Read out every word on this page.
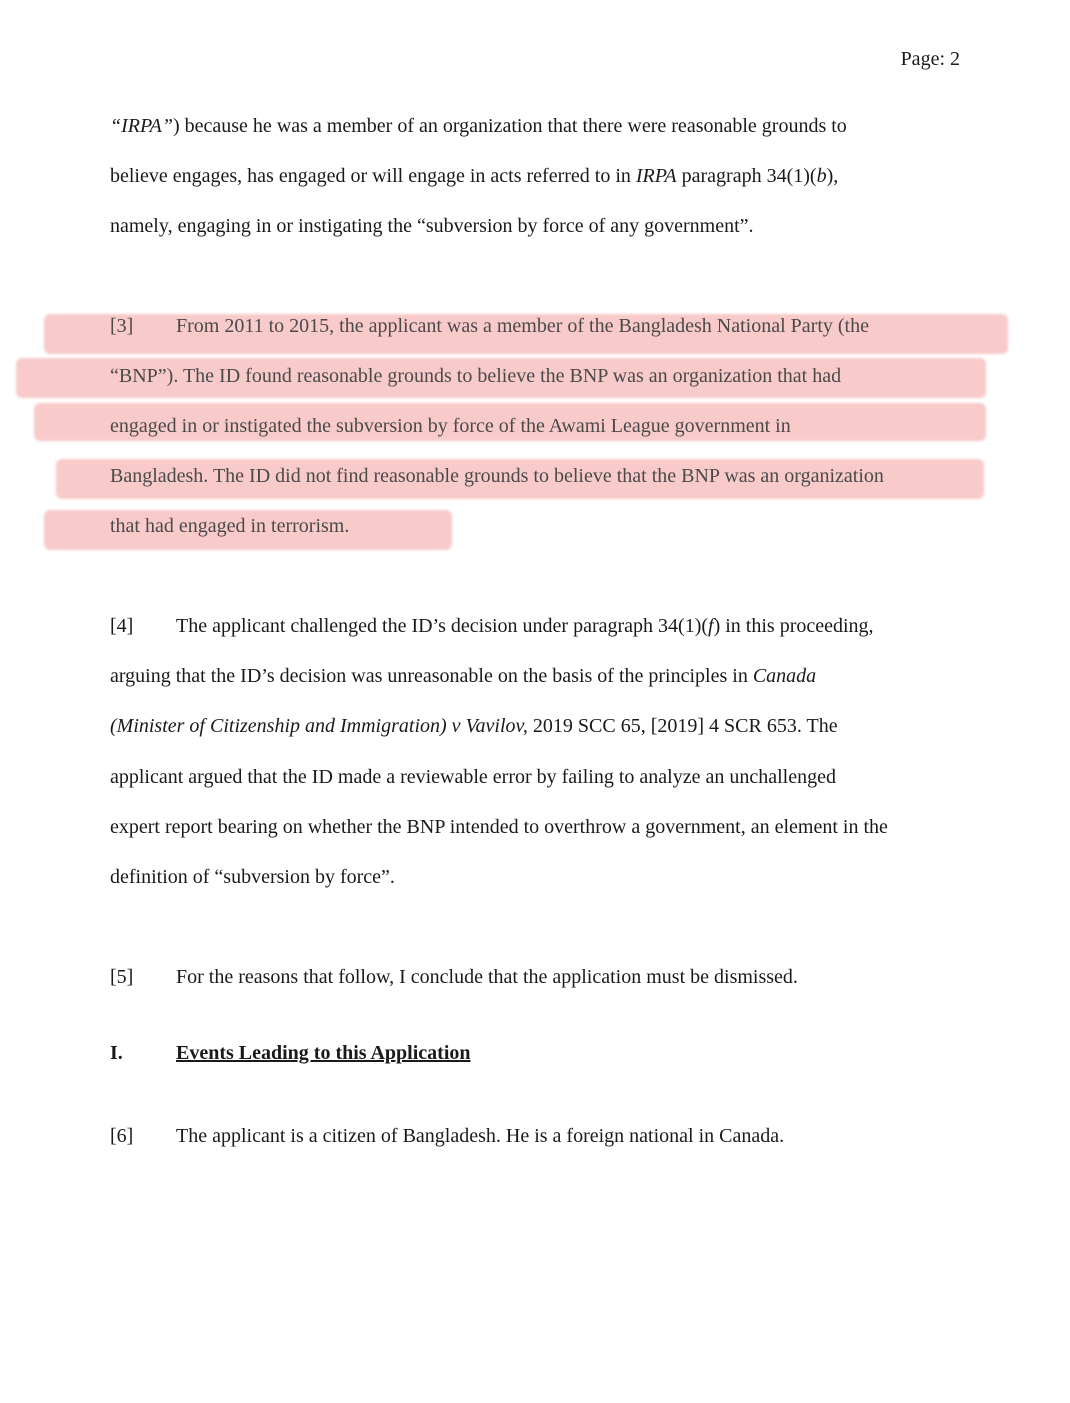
Page: 2
“IRPA”) because he was a member of an organization that there were reasonable grounds to
believe engages, has engaged or will engage in acts referred to in IRPA paragraph 34(1)(b),
namely, engaging in or instigating the “subversion by force of any government”.
[3] From 2011 to 2015, the applicant was a member of the Bangladesh National Party (the
“BNP”). The ID found reasonable grounds to believe the BNP was an organization that had
engaged in or instigated the subversion by force of the Awami League government in
Bangladesh. The ID did not find reasonable grounds to believe that the BNP was an organization
that had engaged in terrorism.
[4] The applicant challenged the ID’s decision under paragraph 34(1)(f) in this proceeding,
arguing that the ID’s decision was unreasonable on the basis of the principles in Canada
(Minister of Citizenship and Immigration) v Vavilov, 2019 SCC 65, [2019] 4 SCR 653. The
applicant argued that the ID made a reviewable error by failing to analyze an unchallenged
expert report bearing on whether the BNP intended to overthrow a government, an element in the
definition of “subversion by force”.
[5] For the reasons that follow, I conclude that the application must be dismissed.
I.	Events Leading to this Application
[6] The applicant is a citizen of Bangladesh. He is a foreign national in Canada.
